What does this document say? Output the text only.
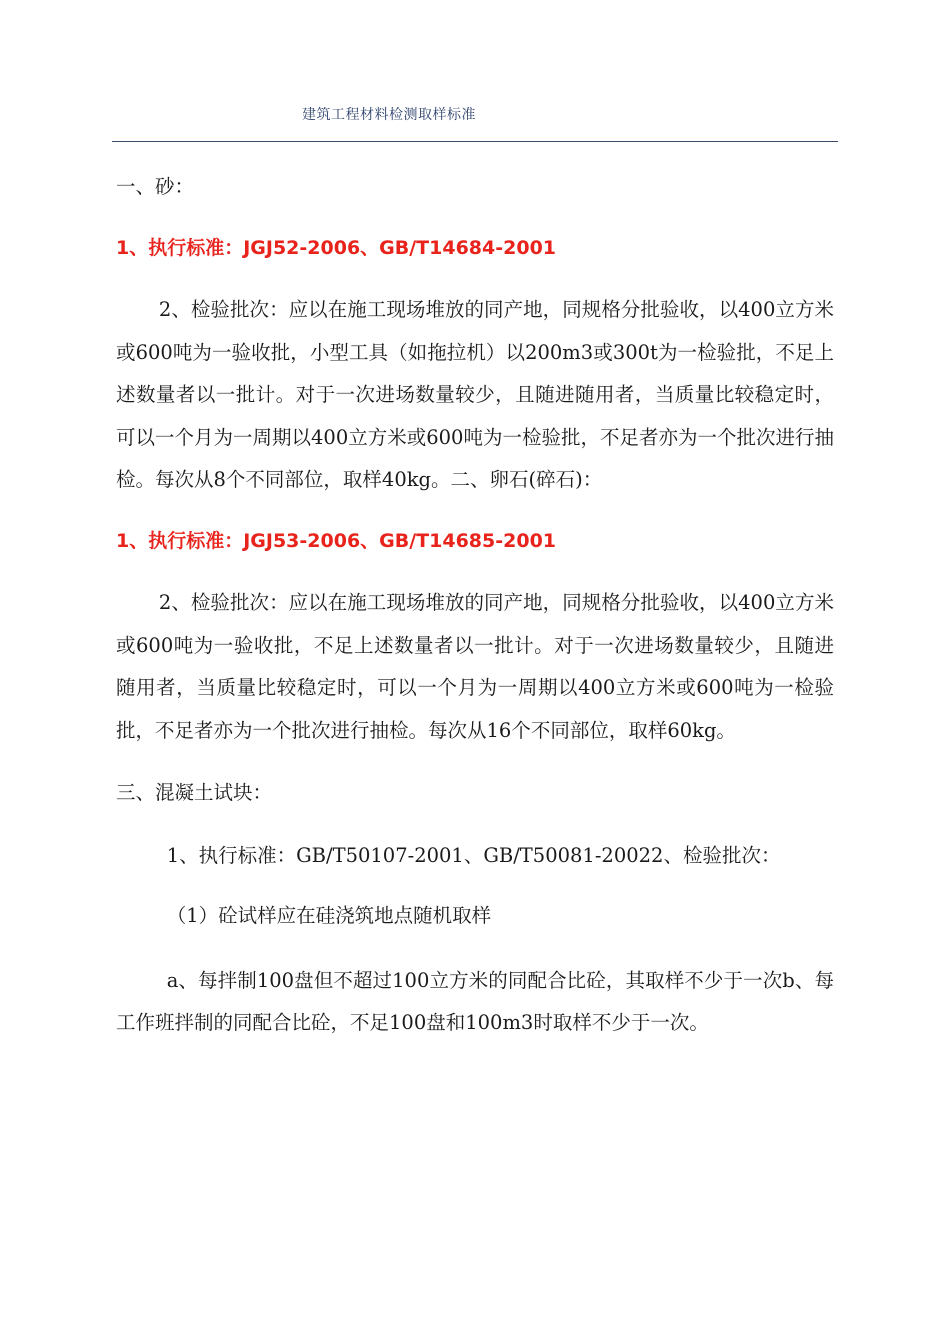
建筑工程材料检测取样标准

一、砂：

1、执行标准：JGJ52-2006、GB/T14684-2001

2、检验批次：应以在施工现场堆放的同产地，同规格分批验收，以400立方米或600吨为一验收批，小型工具（如拖拉机）以200m3或300t为一检验批，不足上述数量者以一批计。对于一次进场数量较少，且随进随用者，当质量比较稳定时，可以一个月为一周期以400立方米或600吨为一检验批，不足者亦为一个批次进行抽检。每次从8个不同部位，取样40kg。二、卵石(碎石)：

1、执行标准：JGJ53-2006、GB/T14685-2001

2、检验批次：应以在施工现场堆放的同产地，同规格分批验收，以400立方米或600吨为一验收批，不足上述数量者以一批计。对于一次进场数量较少，且随进随用者，当质量比较稳定时，可以一个月为一周期以400立方米或600吨为一检验批，不足者亦为一个批次进行抽检。每次从16个不同部位，取样60kg。

三、混凝土试块：

1、执行标准：GB/T50107-2001、GB/T50081-20022、检验批次：

（1）砼试样应在硅浇筑地点随机取样

a、每拌制100盘但不超过100立方米的同配合比砼，其取样不少于一次b、每工作班拌制的同配合比砼，不足100盘和100m3时取样不少于一次。
